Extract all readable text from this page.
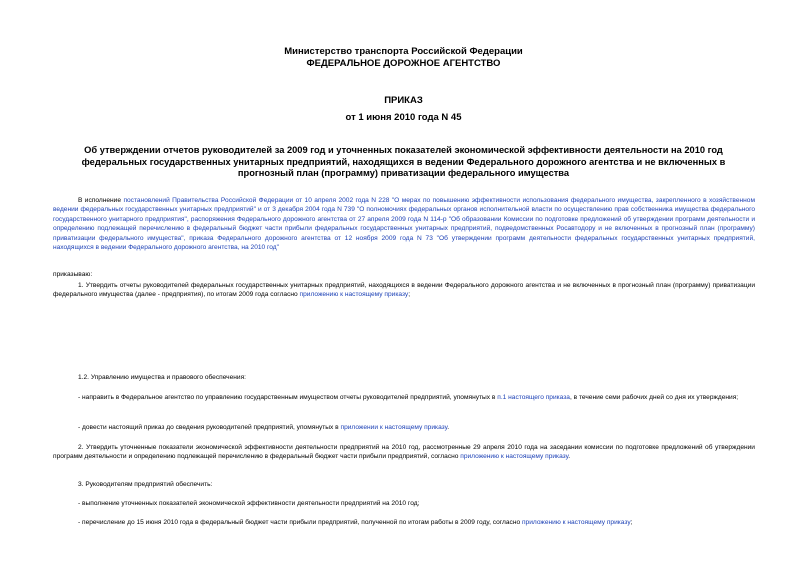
Министерство транспорта Российской Федерации
ФЕДЕРАЛЬНОЕ ДОРОЖНОЕ АГЕНТСТВО
ПРИКАЗ
от 1 июня 2010 года N 45
Об утверждении отчетов руководителей за 2009 год и уточненных показателей экономической эффективности деятельности на 2010 год федеральных государственных унитарных предприятий, находящихся в ведении Федерального дорожного агентства и не включенных в прогнозный план (программу) приватизации федерального имущества
В исполнение постановлений Правительства Российской Федерации от 10 апреля 2002 года N 228 "О мерах по повышению эффективности использования федерального имущества, закрепленного в хозяйственном ведении федеральных государственных унитарных предприятий" и от 3 декабря 2004 года N 739 "О полномочиях федеральных органов исполнительной власти по осуществлению прав собственника имущества федерального государственного унитарного предприятия", распоряжения Федерального дорожного агентства от 27 апреля 2009 года N 114-р "Об образовании Комиссии по подготовке предложений об утверждении программ деятельности и определению подлежащей перечислению в федеральный бюджет части прибыли федеральных государственных унитарных предприятий, подведомственных Росавтодору и не включенных в прогнозный план (программу) приватизации федерального имущества", приказа Федерального дорожного агентства от 12 ноября 2009 года N 73 "Об утверждении программ деятельности федеральных государственных унитарных предприятий, находящихся в ведении Федерального дорожного агентства, на 2010 год"
приказываю:
1. Утвердить отчеты руководителей федеральных государственных унитарных предприятий, находящихся в ведении Федерального дорожного агентства и не включенных в прогнозный план (программу) приватизации федерального имущества (далее - предприятия), по итогам 2009 года согласно приложению к настоящему приказу;
1.2. Управлению имущества и правового обеспечения:
- направить в Федеральное агентство по управлению государственным имуществом отчеты руководителей предприятий, упомянутых в п.1 настоящего приказа, в течение семи рабочих дней со дня их утверждения;
- довести настоящий приказ до сведения руководителей предприятий, упомянутых в приложении к настоящему приказу.
2. Утвердить уточненные показатели экономической эффективности деятельности предприятий на 2010 год, рассмотренные 29 апреля 2010 года на заседании комиссии по подготовке предложений об утверждении программ деятельности и определению подлежащей перечислению в федеральный бюджет части прибыли предприятий, согласно приложению к настоящему приказу.
3. Руководителям предприятий обеспечить:
- выполнение уточненных показателей экономической эффективности деятельности предприятий на 2010 год;
- перечисление до 15 июня 2010 года в федеральный бюджет части прибыли предприятий, полученной по итогам работы в 2009 году, согласно приложению к настоящему приказу;
